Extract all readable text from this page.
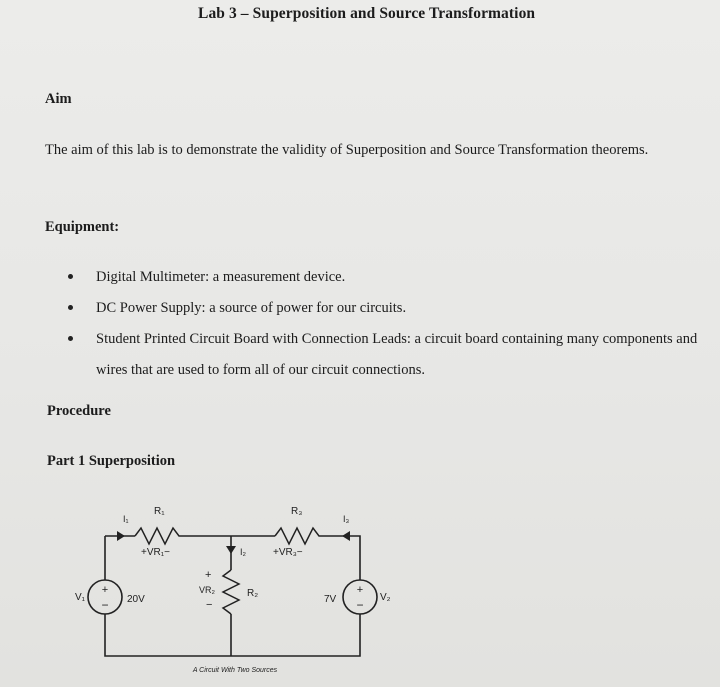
Lab 3 – Superposition and Source Transformation
Aim
The aim of this lab is to demonstrate the validity of Superposition and Source Transformation theorems.
Equipment:
Digital Multimeter: a measurement device.
DC Power Supply: a source of power for our circuits.
Student Printed Circuit Board with Connection Leads: a circuit board containing many components and wires that are used to form all of our circuit connections.
Procedure
Part 1 Superposition
+
−
+
−
R₁	R₃
I₁	I₃
I₂
+VR₁−	+VR₃−
+
VR₂
−
R₂
V₁	20V	7V	V₂
A Circuit With Two Sources
